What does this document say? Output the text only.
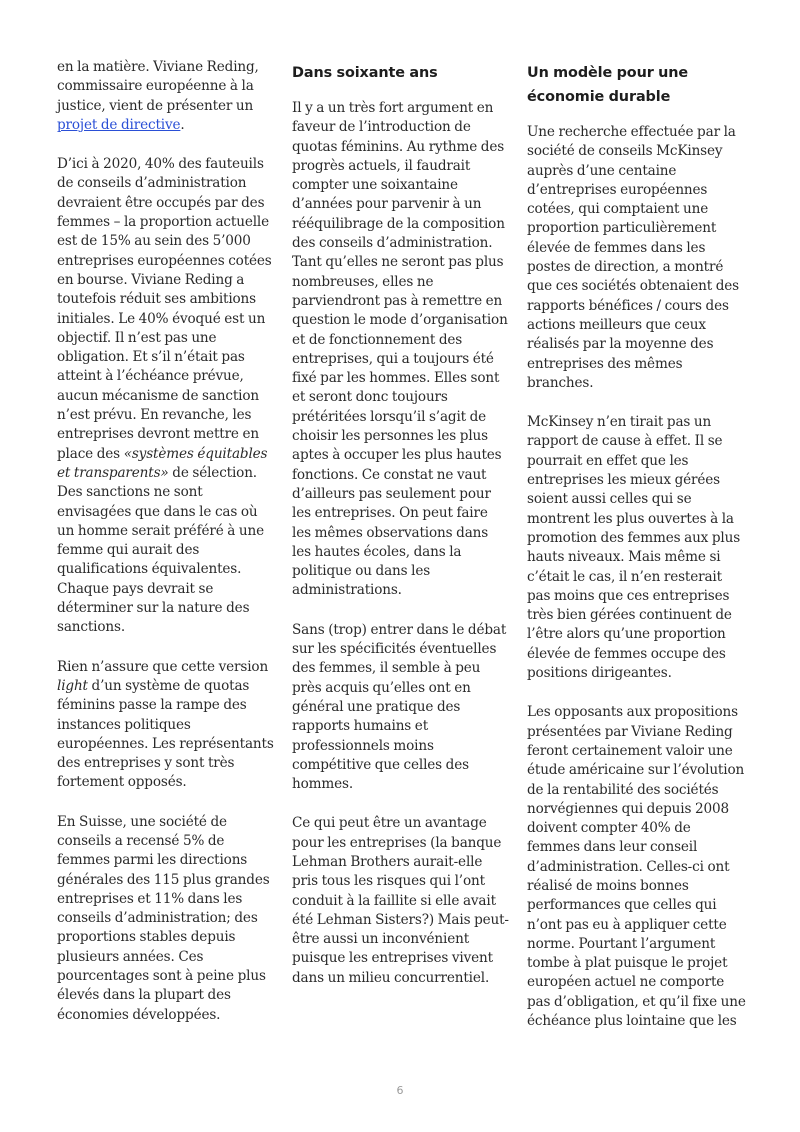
en la matière. Viviane Reding, commissaire européenne à la justice, vient de présenter un projet de directive.

D’ici à 2020, 40% des fauteuils de conseils d’administration devraient être occupés par des femmes – la proportion actuelle est de 15% au sein des 5’000 entreprises européennes cotées en bourse. Viviane Reding a toutefois réduit ses ambitions initiales. Le 40% évoqué est un objectif. Il n’est pas une obligation. Et s’il n’était pas atteint à l’échéance prévue, aucun mécanisme de sanction n’est prévu. En revanche, les entreprises devront mettre en place des «systèmes équitables et transparents» de sélection. Des sanctions ne sont envisagées que dans le cas où un homme serait préféré à une femme qui aurait des qualifications équivalentes. Chaque pays devrait se déterminer sur la nature des sanctions.

Rien n’assure que cette version light d’un système de quotas féminins passe la rampe des instances politiques européennes. Les représentants des entreprises y sont très fortement opposés.

En Suisse, une société de conseils a recensé 5% de femmes parmi les directions générales des 115 plus grandes entreprises et 11% dans les conseils d’administration; des proportions stables depuis plusieurs années. Ces pourcentages sont à peine plus élevés dans la plupart des économies développées.

Dans soixante ans

Il y a un très fort argument en faveur de l’introduction de quotas féminins. Au rythme des progrès actuels, il faudrait compter une soixantaine d’années pour parvenir à un rééquilibrage de la composition des conseils d’administration. Tant qu’elles ne seront pas plus nombreuses, elles ne parviendront pas à remettre en question le mode d’organisation et de fonctionnement des entreprises, qui a toujours été fixé par les hommes. Elles sont et seront donc toujours prétéritées lorsqu’il s’agit de choisir les personnes les plus aptes à occuper les plus hautes fonctions. Ce constat ne vaut d’ailleurs pas seulement pour les entreprises. On peut faire les mêmes observations dans les hautes écoles, dans la politique ou dans les administrations.

Sans (trop) entrer dans le débat sur les spécificités éventuelles des femmes, il semble à peu près acquis qu’elles ont en général une pratique des rapports humains et professionnels moins compétitive que celles des hommes.

Ce qui peut être un avantage pour les entreprises (la banque Lehman Brothers aurait-elle pris tous les risques qui l’ont conduit à la faillite si elle avait été Lehman Sisters?) Mais peut-être aussi un inconvénient puisque les entreprises vivent dans un milieu concurrentiel.

Un modèle pour une économie durable

Une recherche effectuée par la société de conseils McKinsey auprès d’une centaine d’entreprises européennes cotées, qui comptaient une proportion particulièrement élevée de femmes dans les postes de direction, a montré que ces sociétés obtenaient des rapports bénéfices / cours des actions meilleurs que ceux réalisés par la moyenne des entreprises des mêmes branches.

McKinsey n’en tirait pas un rapport de cause à effet. Il se pourrait en effet que les entreprises les mieux gérées soient aussi celles qui se montrent les plus ouvertes à la promotion des femmes aux plus hauts niveaux. Mais même si c’était le cas, il n’en resterait pas moins que ces entreprises très bien gérées continuent de l’être alors qu’une proportion élevée de femmes occupe des positions dirigeantes.

Les opposants aux propositions présentées par Viviane Reding feront certainement valoir une étude américaine sur l’évolution de la rentabilité des sociétés norvégiennes qui depuis 2008 doivent compter 40% de femmes dans leur conseil d’administration. Celles-ci ont réalisé de moins bonnes performances que celles qui n’ont pas eu à appliquer cette norme. Pourtant l’argument tombe à plat puisque le projet européen actuel ne comporte pas d’obligation, et qu’il fixe une échéance plus lointaine que les

6
